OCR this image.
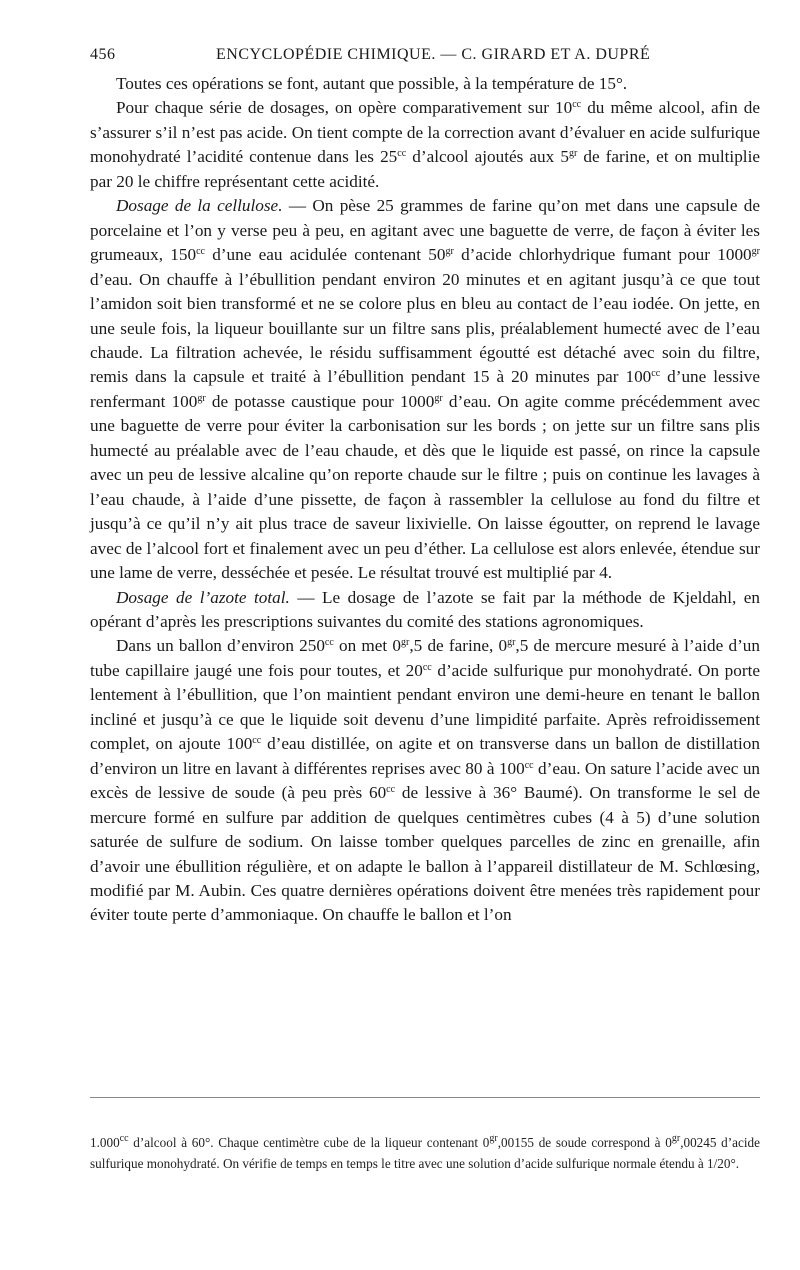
456	ENCYCLOPÉDIE CHIMIQUE. — C. GIRARD ET A. DUPRÉ

Toutes ces opérations se font, autant que possible, à la température de 15°.

Pour chaque série de dosages, on opère comparativement sur $10^{cc}$ du même alcool, afin de s’assurer s’il n’est pas acide. On tient compte de la correction avant d’évaluer en acide sulfurique monohydraté l’acidité contenue dans les $25^{cc}$ d’alcool ajoutés aux $5^{gr}$ de farine, et on multiplie par 20 le chiffre représentant cette acidité.

Dosage de la cellulose. — On pèse 25 grammes de farine qu’on met dans une capsule de porcelaine et l’on y verse peu à peu, en agitant avec une baguette de verre, de façon à éviter les grumeaux, $150^{cc}$ d’une eau acidulée contenant $50^{gr}$ d’acide chlorhydrique fumant pour $1000^{gr}$ d’eau. On chauffe à l’ébullition pendant environ 20 minutes et en agitant jusqu’à ce que tout l’amidon soit bien transformé et ne se colore plus en bleu au contact de l’eau iodée. On jette, en une seule fois, la liqueur bouillante sur un filtre sans plis, préalablement humecté avec de l’eau chaude. La filtration achevée, le résidu suffisamment égoutté est détaché avec soin du filtre, remis dans la capsule et traité à l’ébullition pendant 15 à 20 minutes par $100^{cc}$ d’une lessive renfermant $100^{gr}$ de potasse caustique pour $1000^{gr}$ d’eau. On agite comme précédemment avec une baguette de verre pour éviter la carbonisation sur les bords ; on jette sur un filtre sans plis humecté au préalable avec de l’eau chaude, et dès que le liquide est passé, on rince la capsule avec un peu de lessive alcaline qu’on reporte chaude sur le filtre ; puis on continue les lavages à l’eau chaude, à l’aide d’une pissette, de façon à rassembler la cellulose au fond du filtre et jusqu’à ce qu’il n’y ait plus trace de saveur lixivielle. On laisse égoutter, on reprend le lavage avec de l’alcool fort et finalement avec un peu d’éther. La cellulose est alors enlevée, étendue sur une lame de verre, desséchée et pesée. Le résultat trouvé est multiplié par 4.

Dosage de l’azote total. — Le dosage de l’azote se fait par la méthode de Kjeldahl, en opérant d’après les prescriptions suivantes du comité des stations agronomiques.

Dans un ballon d’environ $250^{cc}$ on met $0^{gr},5$ de farine, $0^{gr},5$ de mercure mesuré à l’aide d’un tube capillaire jaugé une fois pour toutes, et $20^{cc}$ d’acide sulfurique pur monohydraté. On porte lentement à l’ébullition, que l’on maintient pendant environ une demi-heure en tenant le ballon incliné et jusqu’à ce que le liquide soit devenu d’une limpidité parfaite. Après refroidissement complet, on ajoute $100^{cc}$ d’eau distillée, on agite et on transverse dans un ballon de distillation d’environ un litre en lavant à différentes reprises avec 80 à $100^{cc}$ d’eau. On sature l’acide avec un excès de lessive de soude (à peu près $60^{cc}$ de lessive à 36° Baumé). On transforme le sel de mercure formé en sulfure par addition de quelques centimètres cubes (4 à 5) d’une solution saturée de sulfure de sodium. On laisse tomber quelques parcelles de zinc en grenaille, afin d’avoir une ébullition régulière, et on adapte le ballon à l’appareil distillateur de M. Schlœsing, modifié par M. Aubin. Ces quatre dernières opérations doivent être menées très rapidement pour éviter toute perte d’ammoniaque. On chauffe le ballon et l’on

1.000$^{cc}$ d’alcool à 60°. Chaque centimètre cube de la liqueur contenant $0^{gr},00155$ de soude correspond à $0^{gr},00245$ d’acide sulfurique monohydraté. On vérifie de temps en temps le titre avec une solution d’acide sulfurique normale étendu à 1/20°.
